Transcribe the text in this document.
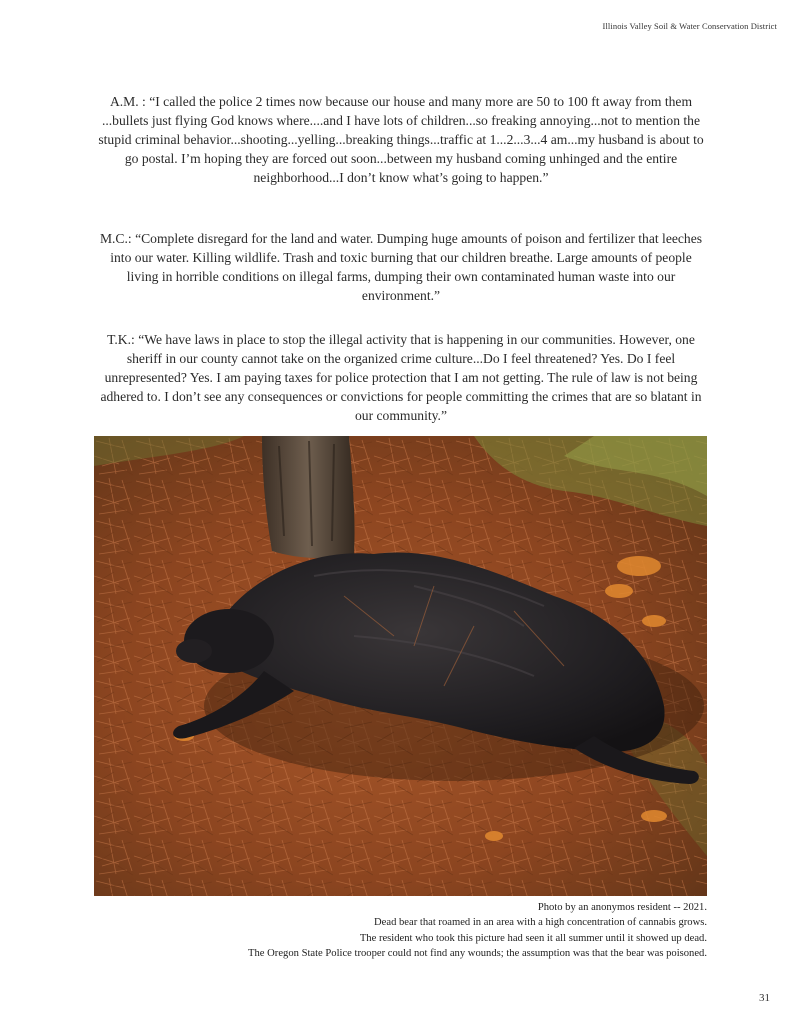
Illinois Valley Soil & Water Conservation District
A.M. : “I called the police 2 times now because our house and many more are 50 to 100 ft away from them ...bullets just flying God knows where....and I have lots of children...so freaking annoying...not to mention the stupid criminal behavior...shooting...yelling...breaking things...traffic at 1...2...3...4 am...my husband is about to go postal. I’m hoping they are forced out soon...between my husband coming unhinged and the entire neighborhood...I don’t know what’s going to happen.”
M.C.: “Complete disregard for the land and water. Dumping huge amounts of poison and fertilizer that leeches into our water. Killing wildlife. Trash and toxic burning that our children breathe. Large amounts of people living in horrible conditions on illegal farms, dumping their own contaminated human waste into our environment.”
T.K.: “We have laws in place to stop the illegal activity that is happening in our communities. However, one sheriff in our county cannot take on the organized crime culture...Do I feel threatened? Yes. Do I feel unrepresented? Yes. I am paying taxes for police protection that I am not getting. The rule of law is not being adhered to. I don’t see any consequences or convictions for people committing the crimes that are so blatant in our community.”
Photo by an anonymos resident -- 2021.
Dead bear that roamed in an area with a high concentration of cannabis grows.
The resident who took this picture had seen it all summer until it showed up dead.
The Oregon State Police trooper could not find any wounds; the assumption was that the bear was poisoned.
31
